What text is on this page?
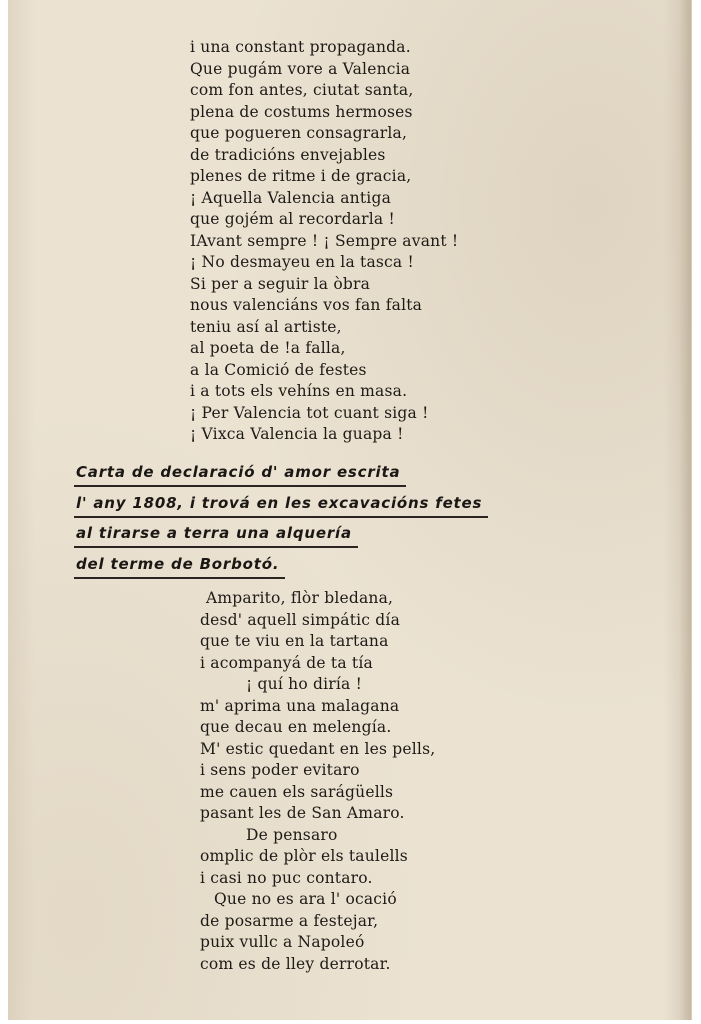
i una constant propaganda.
Que pugám vore a Valencia
com fon antes, ciutat santa,
plena de costums hermoses
que pogueren consagrarla,
de tradicións envejables
plenes de ritme i de gracia,
¡ Aquella Valencia antiga
que gojém al recordarla !
IAvant sempre ! ¡ Sempre avant !
¡ No desmayeu en la tasca !
Si per a seguir la òbra
nous valenciáns vos fan falta
teniu así al artiste,
al poeta de !a falla,
a la Comició de festes
i a tots els vehíns en masa.
¡ Per Valencia tot cuant siga !
¡ Vixca Valencia la guapa !
Carta de declaració d' amor escrita
l' any 1808, i trová en les excavacións fetes
al tirarse a terra una alquería
del terme de Borbotó.
Amparito, flòr bledana,
desd' aquell simpátic día
que te viu en la tartana
i acompanyá de ta tía
¡ quí ho diría !
m' aprima una malagana
que decau en melengía.
M' estic quedant en les pells,
i sens poder evitaro
me cauen els sarágüells
pasant les de San Amaro.
De pensaro
omplic de plòr els taulells
i casi no puc contaro.
Que no es ara l' ocació
de posarme a festejar,
puix vullc a Napoleó
com es de lley derrotar.
